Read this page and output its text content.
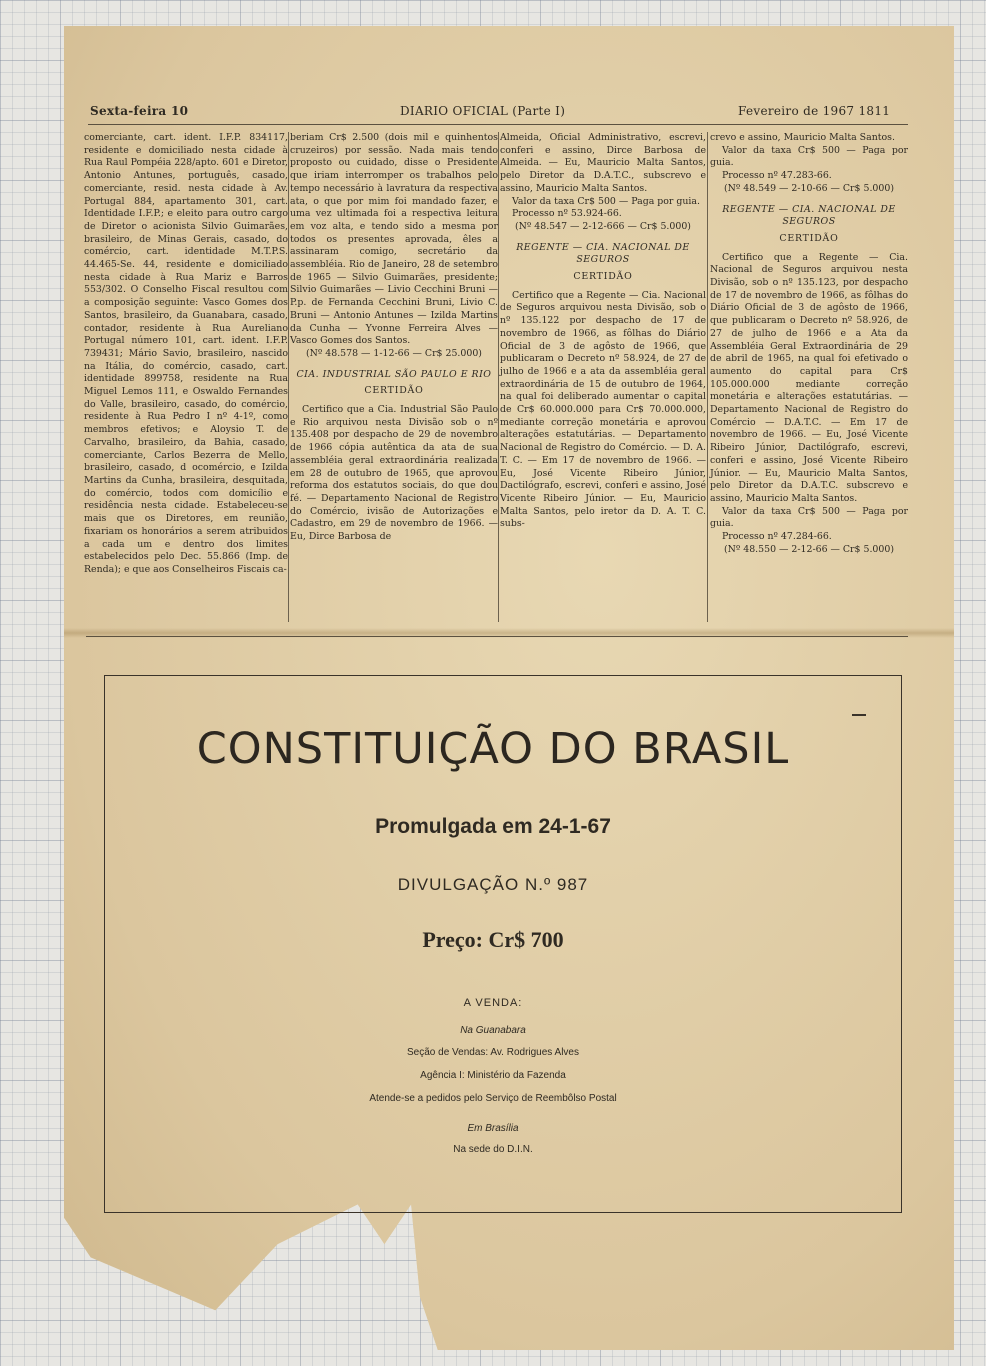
Sexta-feira 10	DIARIO OFICIAL (Parte I)	Fevereiro de 1967 1811

comerciante, cart. ident. I.F.P. 834117, residente e domiciliado nesta cidade à Rua Raul Pompéia 228/apto. 601 e Diretor, Antonio Antunes, português, casado, comerciante, resid. nesta cidade à Av. Portugal 884, apartamento 301, cart. Identidade I.F.P.; e eleito para outro cargo de Diretor o acionista Silvio Guimarães, brasileiro, de Minas Gerais, casado, do comércio, cart. identidade M.T.P.S. 44.465-Se. 44, residente e domiciliado nesta cidade à Rua Mariz e Barros 553/302. O Conselho Fiscal resultou com a composição seguinte: Vasco Gomes dos Santos, brasileiro, da Guanabara, casado, contador, residente à Rua Aureliano Portugal número 101, cart. ident. I.F.P. 739431; Mário Savio, brasileiro, nascido na Itália, do comércio, casado, cart. identidade 899758, residente na Rua Miguel Lemos 111, e Oswaldo Fernandes do Valle, brasileiro, casado, do comércio, residente à Rua Pedro I nº 4-1º, como membros efetivos; e Aloysio T. de Carvalho, brasileiro, da Bahia, casado, comerciante, Carlos Bezerra de Mello, brasileiro, casado, d ocomércio, e Izilda Martins da Cunha, brasileira, desquitada, do comércio, todos com domicílio e residência nesta cidade. Estabeleceu-se mais que os Diretores, em reunião, fixariam os honorários a serem atribuidos a cada um e dentro dos limites estabelecidos pelo Dec. 55.866 (Imp. de Renda); e que aos Conselheiros Fiscais ca-

beriam Cr$ 2.500 (dois mil e quinhentos cruzeiros) por sessão. Nada mais tendo proposto ou cuidado, disse o Presidente que iriam interromper os trabalhos pelo tempo necessário à lavratura da respectiva ata, o que por mim foi mandado fazer, e uma vez ultimada foi a respectiva leitura em voz alta, e tendo sido a mesma por todos os presentes aprovada, êles a assinaram comigo, secretário da assembléia. Rio de Janeiro, 28 de setembro de 1965 — Silvio Guimarães, presidente; Silvio Guimarães — Livio Cecchini Bruni — P.p. de Fernanda Cecchini Bruni, Livio C. Bruni — Antonio Antunes — Izilda Martins da Cunha — Yvonne Ferreira Alves — Vasco Gomes dos Santos.

(Nº 48.578 — 1-12-66 — Cr$ 25.000)

CIA. INDUSTRIAL SÃO PAULO E RIO

CERTIDÃO

Certifico que a Cia. Industrial São Paulo e Rio arquivou nesta Divisão sob o nº 135.408 por despacho de 29 de novembro de 1966 cópia autêntica da ata de sua assembléia geral extraordinária realizada em 28 de outubro de 1965, que aprovou reforma dos estatutos sociais, do que dou fé. — Departamento Nacional de Registro do Comércio, ivisão de Autorizações e Cadastro, em 29 de novembro de 1966. — Eu, Dirce Barbosa de

Almeida, Oficial Administrativo, escrevi, conferi e assino, Dirce Barbosa de Almeida. — Eu, Mauricio Malta Santos, pelo Diretor da D.A.T.C., subscrevo e assino, Mauricio Malta Santos.

Valor da taxa Cr$ 500 — Paga por guia.

Processo nº 53.924-66.

(Nº 48.547 — 2-12-666 — Cr$ 5.000)

REGENTE — CIA. NACIONAL DE SEGUROS

CERTIDÃO

Certifico que a Regente — Cia. Nacional de Seguros arquivou nesta Divisão, sob o nº 135.122 por despacho de 17 de novembro de 1966, as fôlhas do Diário Oficial de 3 de agôsto de 1966, que publicaram o Decreto nº 58.924, de 27 de julho de 1966 e a ata da assembléia geral extraordinária de 15 de outubro de 1964, na qual foi deliberado aumentar o capital de Cr$ 60.000.000 para Cr$ 70.000.000, mediante correção monetária e aprovou alterações estatutárias. — Departamento Nacional de Registro do Comércio. — D. A. T. C. — Em 17 de novembro de 1966. — Eu, José Vicente Ribeiro Júnior, Dactilógrafo, escrevi, conferi e assino, José Vicente Ribeiro Júnior. — Eu, Mauricio Malta Santos, pelo iretor da D. A. T. C. subs-

crevo e assino, Mauricio Malta Santos.

Valor da taxa Cr$ 500 — Paga por guia.

Processo nº 47.283-66.

(Nº 48.549 — 2-10-66 — Cr$ 5.000)

REGENTE — CIA. NACIONAL DE SEGUROS

CERTIDÃO

Certifico que a Regente — Cia. Nacional de Seguros arquivou nesta Divisão, sob o nº 135.123, por despacho de 17 de novembro de 1966, as fôlhas do Diário Oficial de 3 de agôsto de 1966, que publicaram o Decreto nº 58.926, de 27 de julho de 1966 e a Ata da Assembléia Geral Extraordinária de 29 de abril de 1965, na qual foi efetivado o aumento do capital para Cr$ 105.000.000 mediante correção monetária e alterações estatutárias. — Departamento Nacional de Registro do Comércio — D.A.T.C. — Em 17 de novembro de 1966. — Eu, José Vicente Ribeiro Júnior, Dactilógrafo, escrevi, conferi e assino, José Vicente Ribeiro Júnior. — Eu, Mauricio Malta Santos, pelo Diretor da D.A.T.C. subscrevo e assino, Mauricio Malta Santos.

Valor da taxa Cr$ 500 — Paga por guia.

Processo nº 47.284-66.

(Nº 48.550 — 2-12-66 — Cr$ 5.000)

CONSTITUIÇÃO DO BRASIL
Promulgada em 24-1-67
DIVULGAÇÃO N.º 987
Preço: Cr$ 700
A VENDA:
Na Guanabara
Seção de Vendas: Av. Rodrigues Alves
Agência I: Ministério da Fazenda
Atende-se a pedidos pelo Serviço de Reembôlso Postal
Em Brasília
Na sede do D.I.N.
